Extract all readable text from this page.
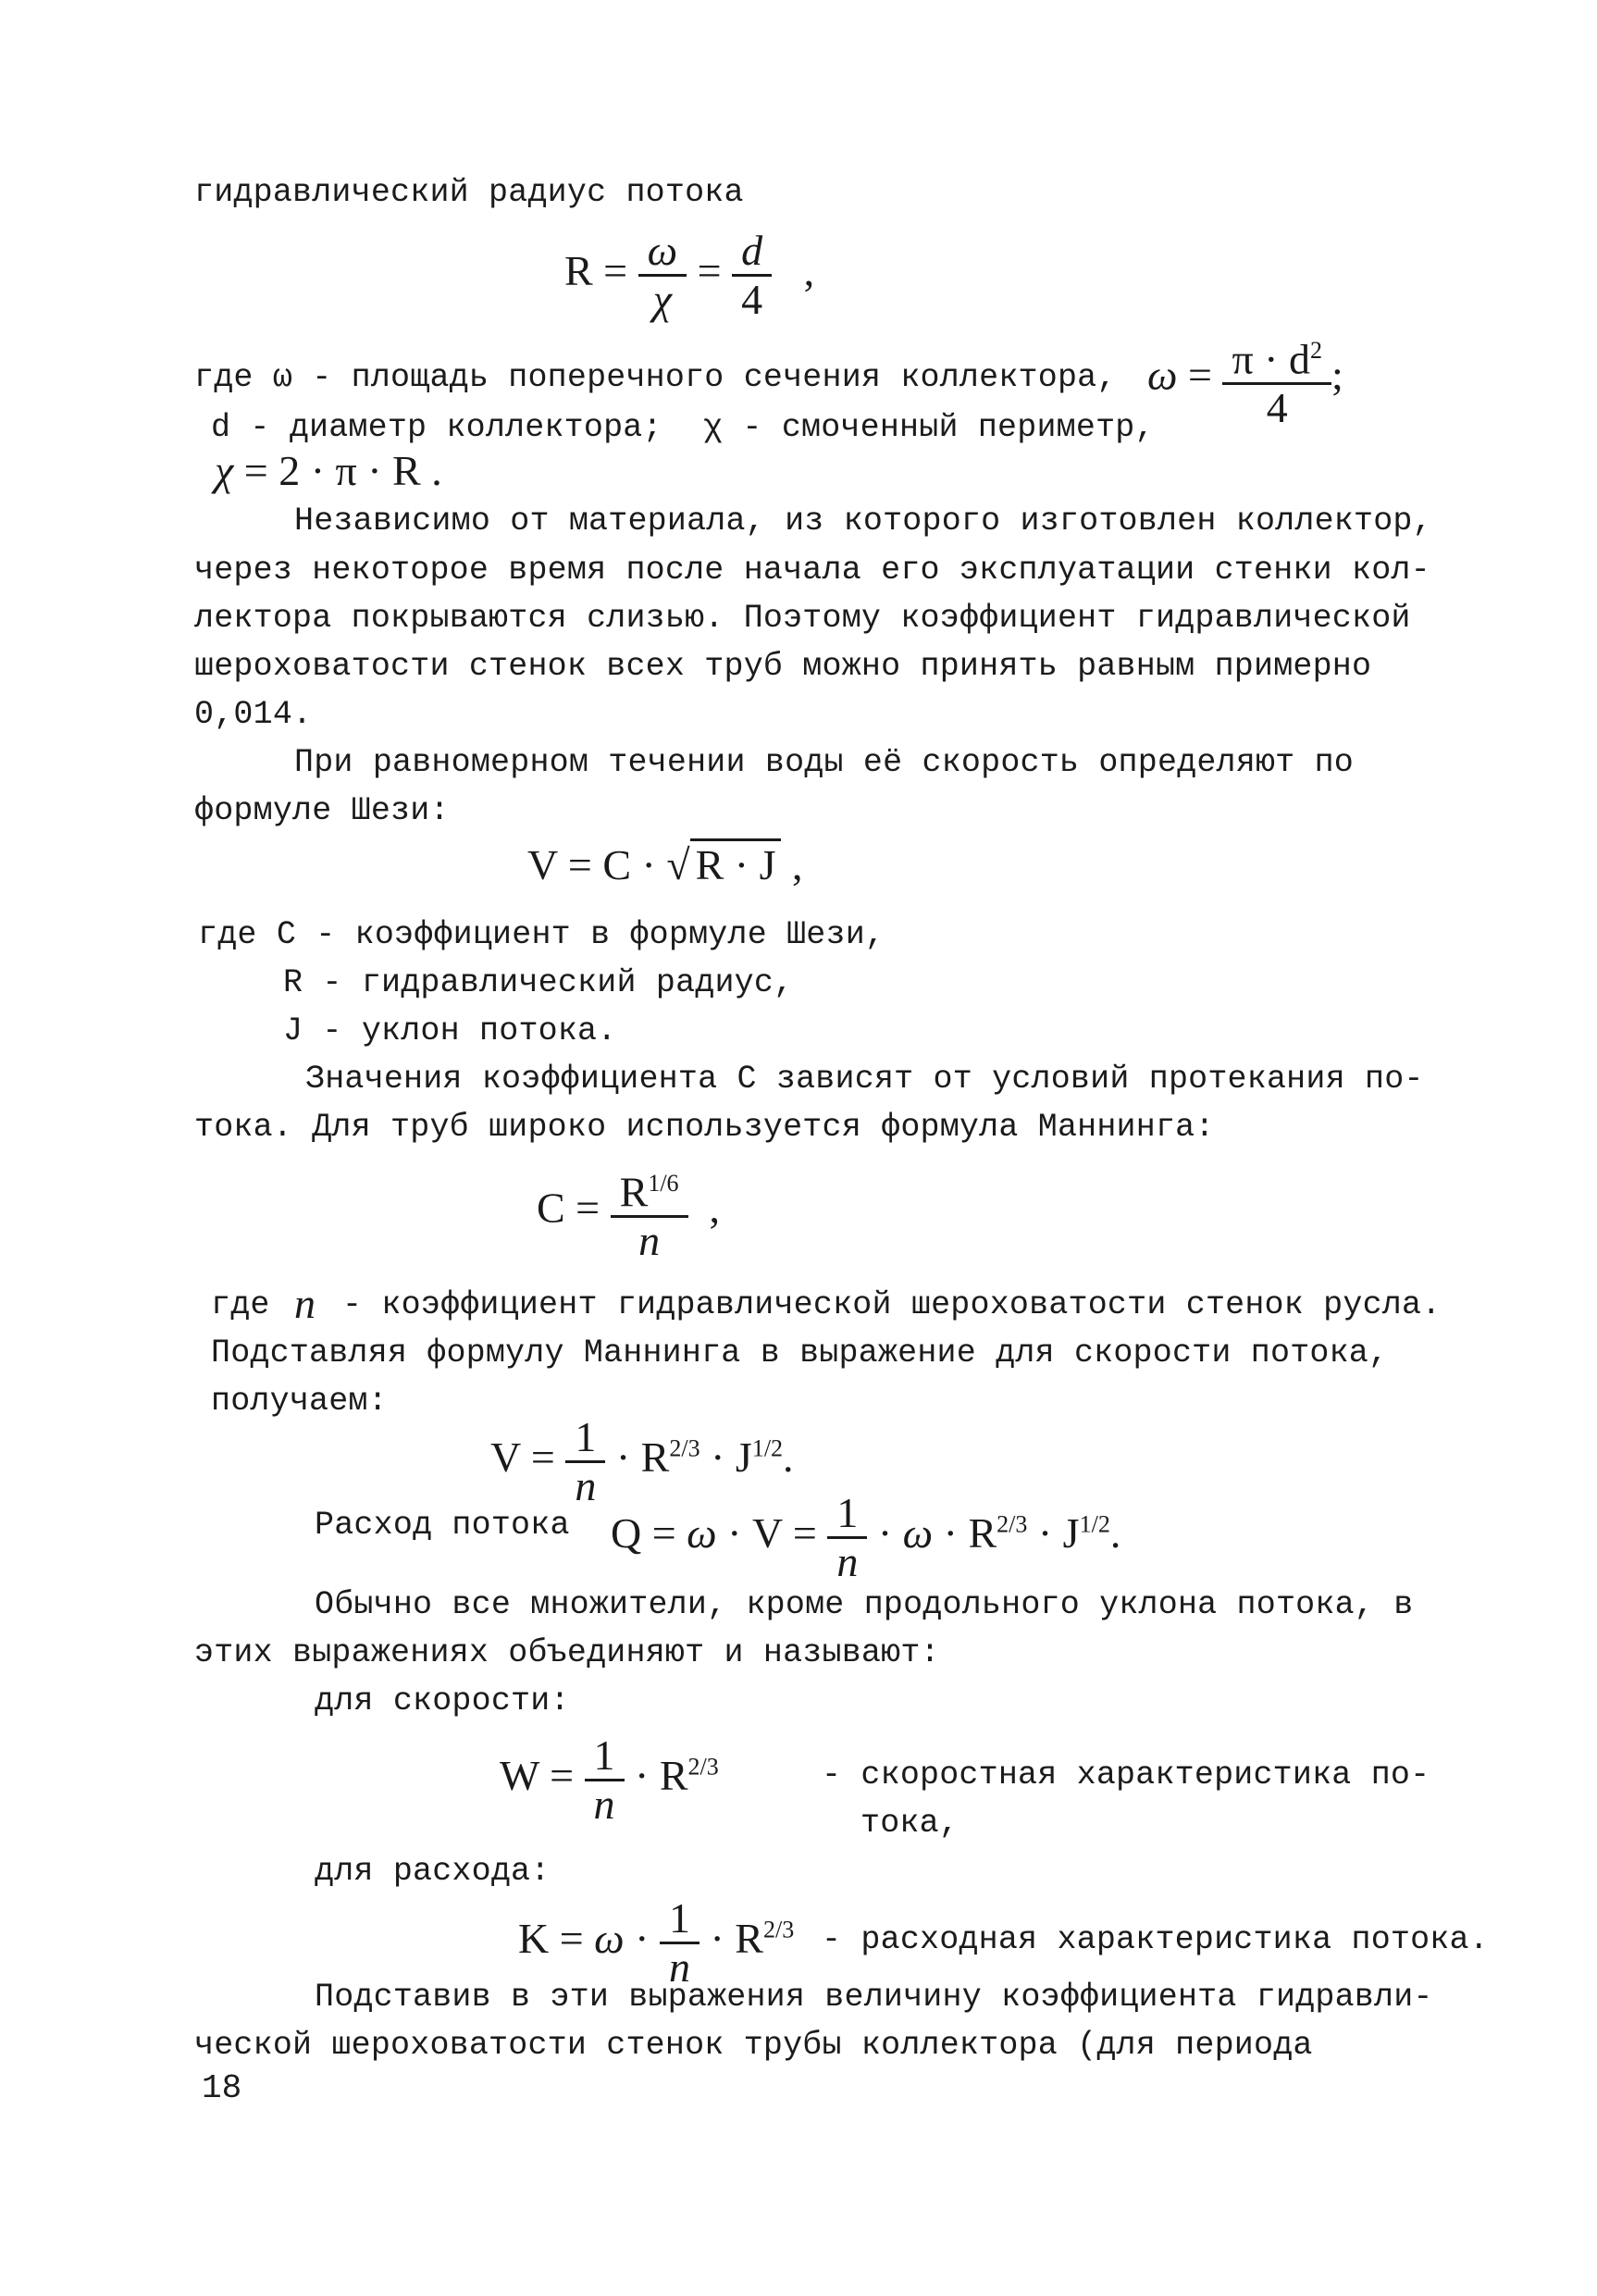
гидравлический радиус потока
$R = \frac{\omega}{\chi} = \frac{d}{4}$ ,
где ω - площадь поперечного сечения коллектора, $\omega = \frac{\pi \cdot d^2}{4}$ ;
d - диаметр коллектора; χ - смоченный периметр,
χ = 2 · π · R .
Независимо от материала, из которого изготовлен коллектор,
через некоторое время после начала его эксплуатации стенки кол-
лектора покрываются слизью. Поэтому коэффициент гидравлической
шероховатости стенок всех труб можно принять равным примерно
0,014.
При равномерном течении воды её скорость определяют по
формуле Шези:
V = C · √ R · J ,
где С - коэффициент в формуле Шези,
R - гидравлический радиус,
J - уклон потока.
Значения коэффициента С зависят от условий протекания по-
тока. Для труб широко используется формула Маннинга:
$C = \frac{R^{1/6}}{n}$ ,
где n - коэффициент гидравлической шероховатости стенок русла.
Подставляя формулу Маннинга в выражение для скорости потока,
получаем:
$V = \frac{1}{n} \cdot R^{2/3} \cdot J^{1/2}$.
Расход потока $Q = \omega \cdot V = \frac{1}{n} \cdot \omega \cdot R^{2/3} \cdot J^{1/2}$.
Обычно все множители, кроме продольного уклона потока, в
этих выражениях объединяют и называют:
для скорости:
$W = \frac{1}{n} \cdot R^{2/3}$	- скоростная характеристика по-
тока,
для расхода:
$K = \omega \cdot \frac{1}{n} \cdot R^{2/3}$ - расходная характеристика потока.
Подставив в эти выражения величину коэффициента гидравли-
ческой шероховатости стенок трубы коллектора (для периода
18
